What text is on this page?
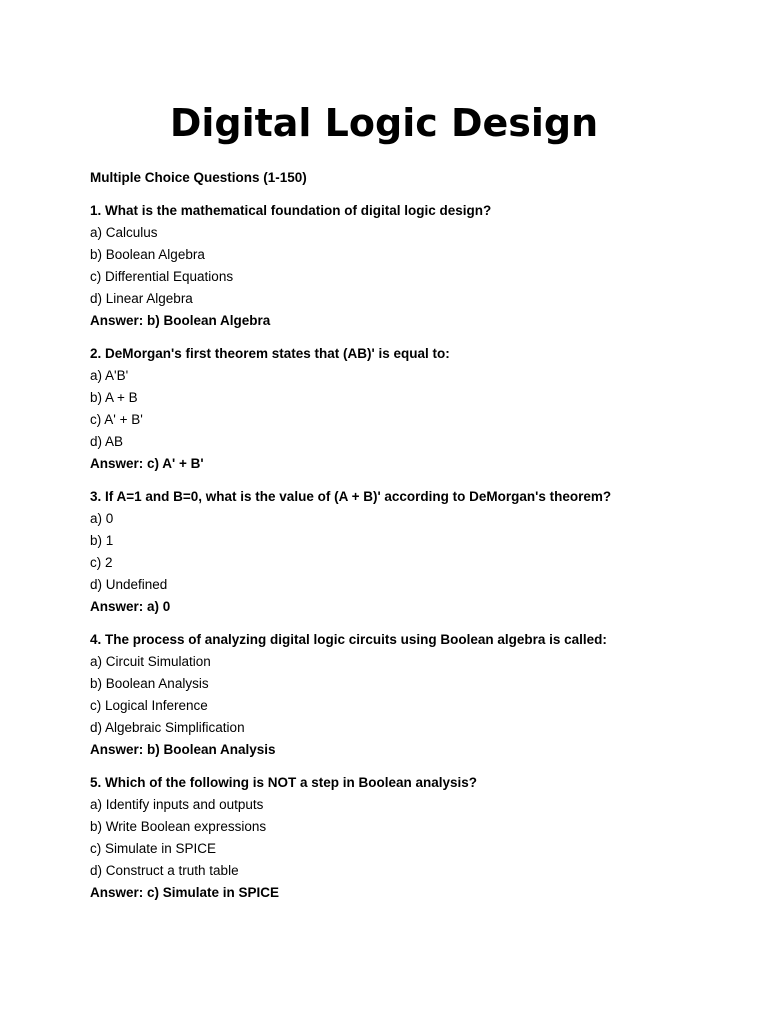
Digital Logic Design
Multiple Choice Questions (1-150)
1. What is the mathematical foundation of digital logic design?
a) Calculus
b) Boolean Algebra
c) Differential Equations
d) Linear Algebra
Answer: b) Boolean Algebra
2. DeMorgan's first theorem states that (AB)' is equal to:
a) A'B'
b) A + B
c) A' + B'
d) AB
Answer: c) A' + B'
3. If A=1 and B=0, what is the value of (A + B)' according to DeMorgan's theorem?
a) 0
b) 1
c) 2
d) Undefined
Answer: a) 0
4. The process of analyzing digital logic circuits using Boolean algebra is called:
a) Circuit Simulation
b) Boolean Analysis
c) Logical Inference
d) Algebraic Simplification
Answer: b) Boolean Analysis
5. Which of the following is NOT a step in Boolean analysis?
a) Identify inputs and outputs
b) Write Boolean expressions
c) Simulate in SPICE
d) Construct a truth table
Answer: c) Simulate in SPICE
